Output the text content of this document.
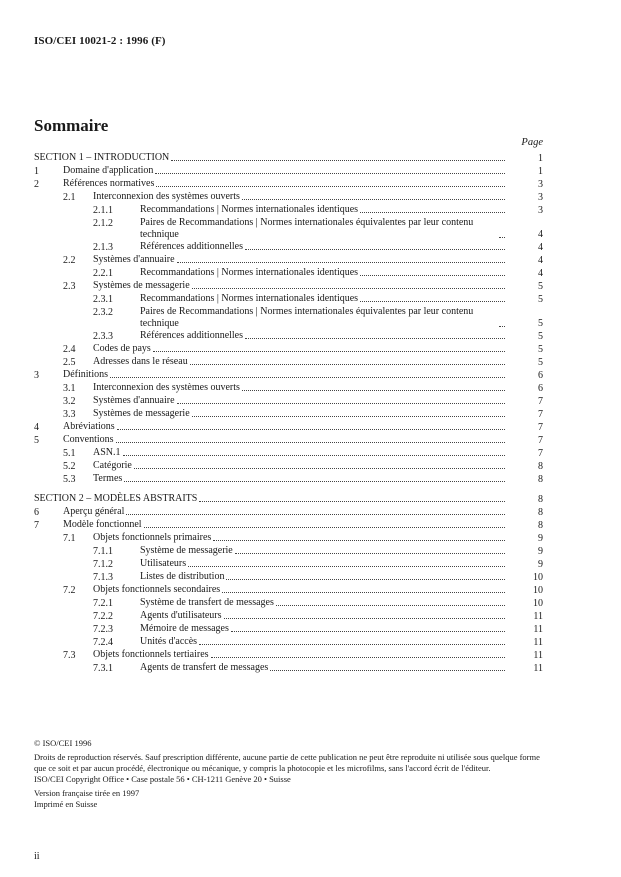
ISO/CEI 10021-2 : 1996 (F)
Sommaire
Page
SECTION 1 – INTRODUCTION	1
1 Domaine d'application	1
2 Références normatives	3
2.1 Interconnexion des systèmes ouverts	3
2.1.1	Recommandations | Normes internationales identiques	3
2.1.2	Paires de Recommandations | Normes internationales équivalentes par leur contenu technique	4
2.1.3	Références additionnelles	4
2.2 Systèmes d'annuaire	4
2.2.1	Recommandations | Normes internationales identiques	4
2.3 Systèmes de messagerie	5
2.3.1	Recommandations | Normes internationales identiques	5
2.3.2	Paires de Recommandations | Normes internationales équivalentes par leur contenu technique	5
2.3.3	Références additionnelles	5
2.4 Codes de pays	5
2.5 Adresses dans le réseau	5
3 Définitions	6
3.1 Interconnexion des systèmes ouverts	6
3.2 Systèmes d'annuaire	7
3.3 Systèmes de messagerie	7
4 Abréviations	7
5 Conventions	7
5.1 ASN.1	7
5.2 Catégorie	8
5.3 Termes	8
SECTION 2 – MODÈLES ABSTRAITS	8
6 Aperçu général	8
7 Modèle fonctionnel	8
7.1 Objets fonctionnels primaires	9
7.1.1	Système de messagerie	9
7.1.2	Utilisateurs	9
7.1.3	Listes de distribution	10
7.2 Objets fonctionnels secondaires	10
7.2.1	Système de transfert de messages	10
7.2.2	Agents d'utilisateurs	11
7.2.3	Mémoire de messages	11
7.2.4	Unités d'accès	11
7.3 Objets fonctionnels tertiaires	11
7.3.1	Agents de transfert de messages	11

© ISO/CEI 1996

Droits de reproduction réservés. Sauf prescription différente, aucune partie de cette publication ne peut être reproduite ni utilisée sous quelque forme que ce soit et par aucun procédé, électronique ou mécanique, y compris la photocopie et les microfilms, sans l'accord écrit de l'éditeur.

ISO/CEI Copyright Office • Case postale 56 • CH-1211 Genève 20 • Suisse

Version française tirée en 1997

Imprimé en Suisse

ii
